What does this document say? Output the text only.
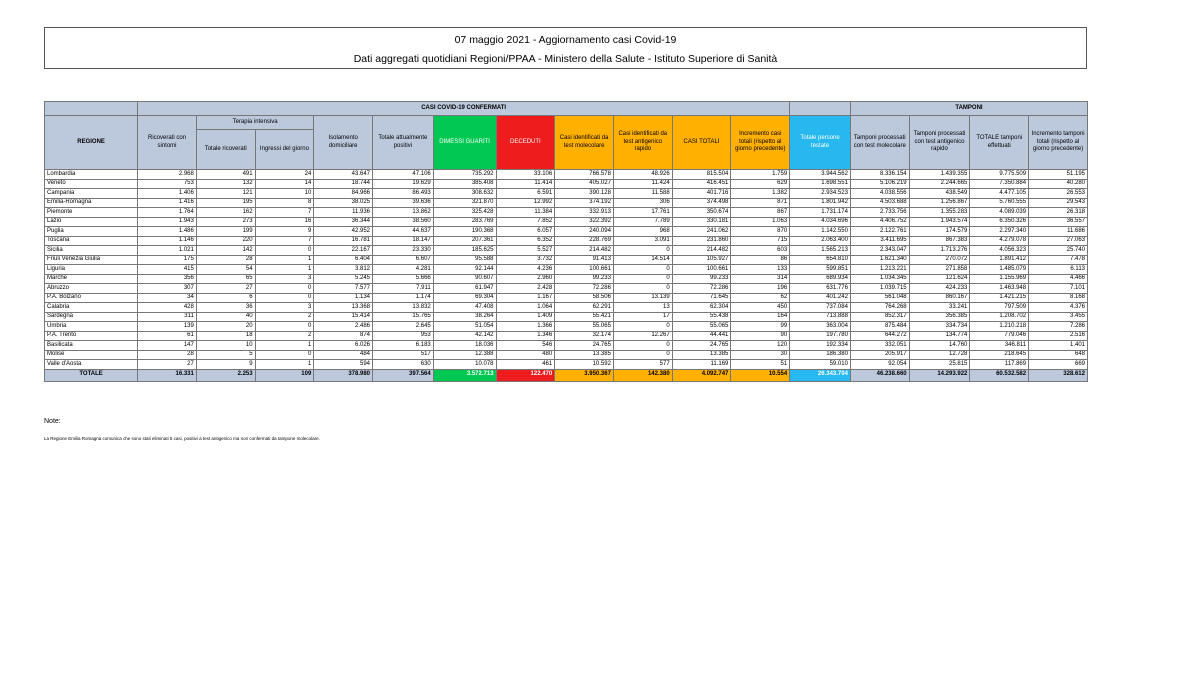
07 maggio 2021 - Aggiornamento casi Covid-19
Dati aggregati quotidiani Regioni/PPAA - Ministero della Salute - Istituto Superiore di Sanità
	CASI COVID-19 CONFERMATI												TAMPONI			
REGIONE	Ricoverati con sintomi	Terapia intensiva		Isolamento domiciliare	Totale attualmente positivi	DIMESSI GUARITI	DECEDUTI	Casi identificati da test molecolare	Casi identificati da test antigenico rapido	CASI TOTALI	Incremento casi totali (rispetto al giorno precedente)	Totale persone testate	Tamponi processati con test molecolare	Tamponi processati con test antigenico rapido	TOTALE tamponi effettuati	Incremento tamponi totali (rispetto al giorno precedente)
		Totale ricoverati	Ingressi del giorno													
Lombardia	2.968	491	24	43.647	47.106	735.292	33.106	766.578	48.926	815.504	1.759	3.944.562	8.336.154	1.439.355	9.775.509	51.195
Veneto	753	132	14	18.744	19.629	385.408	11.414	405.027	11.424	416.451	629	1.698.551	5.106.219	2.244.665	7.350.884	40.280
Campania	1.406	121	10	84.966	86.493	308.632	6.591	390.128	11.588	401.716	1.382	2.934.523	4.038.556	438.549	4.477.105	26.553
Emilia-Romagna	1.416	195	8	38.025	39.636	321.870	12.992	374.192	306	374.498	871	1.801.942	4.503.688	1.256.867	5.760.555	29.543
Piemonte	1.764	162	7	11.936	13.862	325.428	11.384	332.913	17.761	350.674	867	1.731.174	2.733.756	1.355.283	4.089.039	26.318
Lazio	1.943	273	16	36.344	38.560	283.769	7.852	322.392	7.789	330.181	1.063	4.034.696	4.406.752	1.943.574	6.350.326	36.557
Puglia	1.486	199	9	42.952	44.637	190.368	6.057	240.094	968	241.062	870	1.142.550	2.122.761	174.579	2.297.340	11.686
Toscana	1.146	220	7	16.781	18.147	207.361	6.352	228.769	3.091	231.860	715	2.063.400	3.411.695	867.383	4.279.078	27.063
Sicilia	1.021	142	0	22.167	23.330	185.625	5.527	214.482	0	214.482	603	1.565.213	2.343.047	1.713.276	4.056.323	25.740
Friuli Venezia Giulia	175	28	1	6.404	6.607	95.588	3.732	91.413	14.514	105.927	86	654.810	1.621.340	270.072	1.891.412	7.478
Liguria	415	54	1	3.812	4.281	92.144	4.236	100.661	0	100.661	133	599.851	1.213.221	271.858	1.485.079	6.113
Marche	356	65	3	5.245	5.666	90.607	2.960	99.233	0	99.233	314	689.934	1.034.345	121.624	1.155.969	4.466
Abruzzo	307	27	0	7.577	7.911	61.947	2.428	72.286	0	72.286	196	631.776	1.039.715	424.233	1.463.948	7.101
P.A. Bolzano	34	6	0	1.134	1.174	69.304	1.167	58.506	13.139	71.645	62	401.242	561.048	860.167	1.421.215	8.168
Calabria	428	36	3	13.368	13.832	47.408	1.064	62.291	13	62.304	450	737.084	764.268	33.241	797.509	4.376
Sardegna	311	40	2	15.414	15.765	38.264	1.409	55.421	17	55.438	164	713.888	852.317	356.385	1.208.702	3.455
Umbria	139	20	0	2.486	2.645	51.054	1.366	55.065	0	55.065	99	363.004	875.484	334.734	1.210.218	7.286
P.A. Trento	61	18	2	874	953	42.142	1.346	32.174	12.267	44.441	90	197.780	644.272	134.774	779.046	2.516
Basilicata	147	10	1	6.026	6.183	18.036	546	24.765	0	24.765	120	192.334	332.051	14.760	346.811	1.401
Molise	28	5	0	484	517	12.388	480	13.385	0	13.385	30	186.380	205.917	12.728	218.645	648
Valle d'Aosta	27	9	1	594	630	10.078	461	10.592	577	11.169	51	59.010	92.054	25.815	117.869	669
TOTALE	16.331	2.253	109	378.980	397.564	3.572.713	122.470	3.950.367	142.380	4.092.747	10.554	26.343.704	46.238.660	14.293.922	60.532.582	328.612
Note:
La Regione Emilia Romagna comunica che sono stati eliminati 5 casi, positivi a test antigenico ma non confermati da tampone molecolare.
